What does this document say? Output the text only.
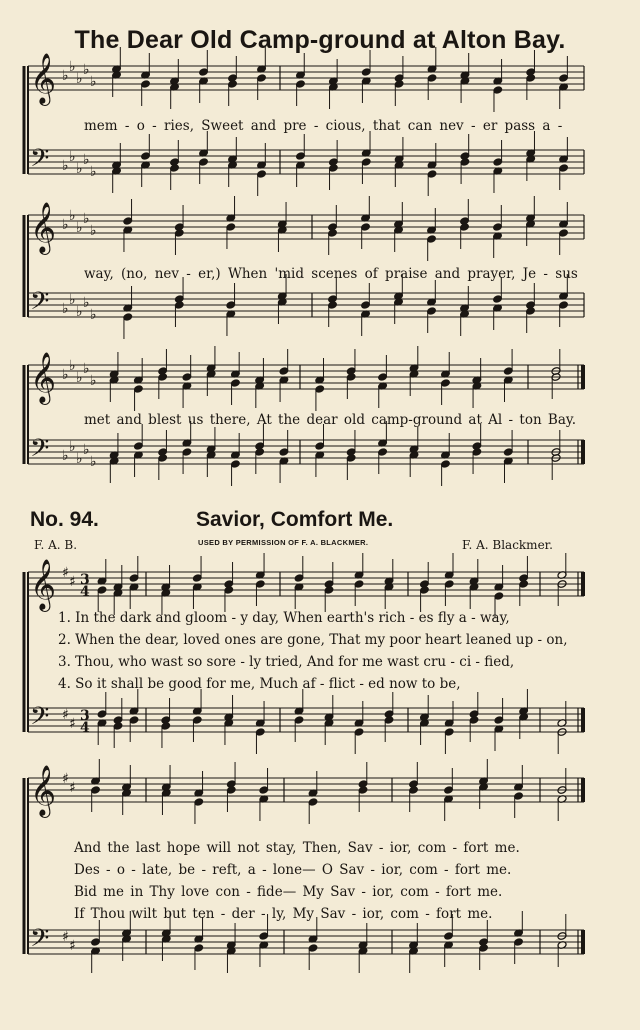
The Dear Old Camp-ground at Alton Bay.
𝄞
𝄢
♭
♭
♭
♭
♭
♭
♭
♭
♭
♭
𝄞
𝄢
♭
♭
♭
♭
♭
♭
♭
♭
♭
♭
𝄞
𝄢
♭
♭
♭
♭
♭
♭
♭
♭
♭
♭
𝄞
𝄢
♯
♯
♯
♯
3
4
3
4
𝄞
𝄢
♯
♯
♯
♯
mem - o - ries, Sweet and pre - cious, that can nev - er pass a -
way, (no, nev - er,) When 'mid scenes of praise and prayer, Je - sus
met and blest us there, At the dear old camp-ground at Al - ton Bay.
No. 94.	Savior, Comfort Me.
F. A. B.	USED BY PERMISSION OF F. A. BLACKMER.	F. A. Blackmer.
1. In the dark and gloom - y day, When earth's rich - es fly a - way,
2. When the dear, loved ones are gone, That my poor heart leaned up - on,
3. Thou, who wast so sore - ly tried, And for me wast cru - ci - fied,
4. So it shall be good for me, Much af - flict - ed now to be,
And the last hope will not stay, Then, Sav - ior, com - fort me.
Des - o - late, be - reft, a - lone— O Sav - ior, com - fort me.
Bid me in Thy love con - fide— My Sav - ior, com - fort me.
If Thou wilt but ten - der - ly, My Sav - ior, com - fort me.
